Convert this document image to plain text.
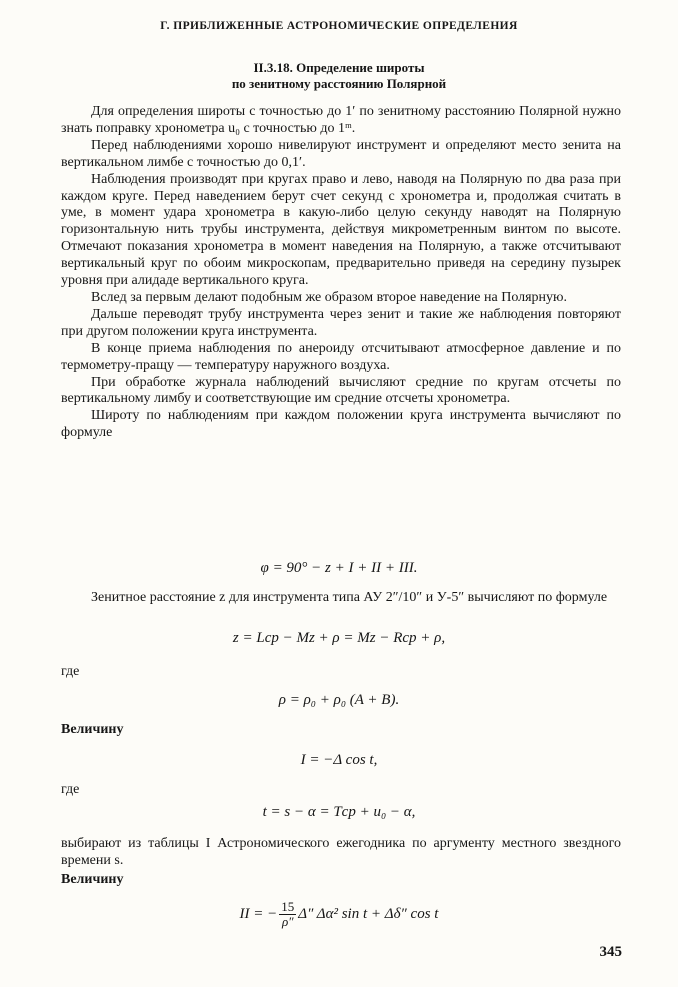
Г. ПРИБЛИЖЕННЫЕ АСТРОНОМИЧЕСКИЕ ОПРЕДЕЛЕНИЯ
II.3.18. Определение широты
по зенитному расстоянию Полярной

Для определения широты с точностью до 1′ по зенитному расстоянию Полярной нужно знать поправку хронометра u₀ с точностью до 1ᵐ.

Перед наблюдениями хорошо нивелируют инструмент и определяют место зенита на вертикальном лимбе с точностью до 0,1′.

Наблюдения производят при кругах право и лево, наводя на Полярную по два раза при каждом круге. Перед наведением берут счет секунд с хронометра и, продолжая считать в уме, в момент удара хронометра в какую-либо целую секунду наводят на Полярную горизонтальную нить трубы инструмента, действуя микрометренным винтом по высоте. Отмечают показания хронометра в момент наведения на Полярную, а также отсчитывают вертикальный круг по обоим микроскопам, предварительно приведя на середину пузырек уровня при алидаде вертикального круга.

Вслед за первым делают подобным же образом второе наведение на Полярную.

Дальше переводят трубу инструмента через зенит и такие же наблюдения повторяют при другом положении круга инструмента.

В конце приема наблюдения по анероиду отсчитывают атмосферное давление и по термометру-пращу — температуру наружного воздуха.

При обработке журнала наблюдений вычисляют средние по кругам отсчеты по вертикальному лимбу и соответствующие им средние отсчеты хронометра.

Широту по наблюдениям при каждом положении круга инструмента вычисляют по формуле

φ = 90° − z + I + II + III.

Зенитное расстояние z для инструмента типа АУ 2″/10″ и У-5″ вычисляют по формуле

z = Lср − Mz + ρ = Mz − Rср + ρ,
где
ρ = ρ₀ + ρ₀ (A + B).
Величину
I = −Δ cos t,
где
t = s − α = Tср + u₀ − α,

выбирают из таблицы I Астрономического ежегодника по аргументу местного звездного времени s.

Величину
II = − $\frac{15}{\rho''} \Delta''$ Δα² sin t + Δδ″ cos t
345
